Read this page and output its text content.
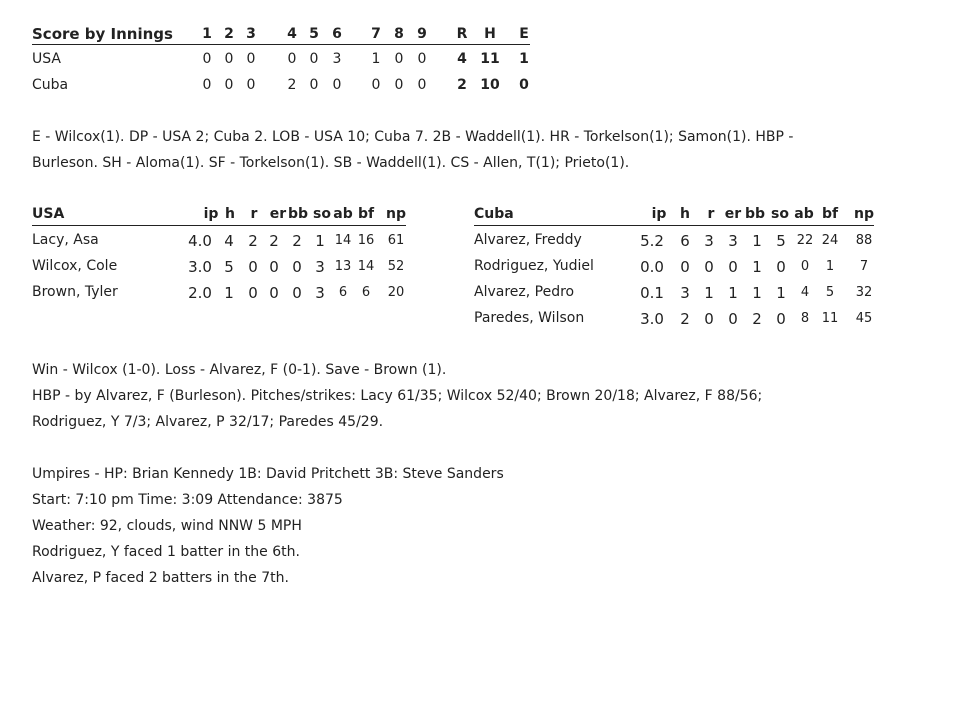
Score by Innings 1 2 3 4 5 6 7 8 9 R	H	E
USA	0 0 0 0 0 3 1 0 0 4 11 1
Cuba	0 0 0 2 0 0 0 0 0 2 10 0
E - Wilcox(1). DP - USA 2; Cuba 2. LOB - USA 10; Cuba 7. 2B - Waddell(1). HR - Torkelson(1); Samon(1). HBP -
Burleson. SH - Aloma(1). SF - Torkelson(1). SB - Waddell(1). CS - Allen, T(1); Prieto(1).
USA	ip h	r er bb so ab bf np
Lacy, Asa	4.0 4 2 2 2 1 14 16 61
Wilcox, Cole	3.0 5 0 0 0 3 13 14 52
Brown, Tyler	2.0 1 0 0 0 3	6	6	20
Cuba	ip h	r er bb so ab bf np
Alvarez, Freddy	5.2 6 3 3 1 5 22 24 88
Rodriguez, Yudiel	0.0 0 0 0 1 0	0	1	7
Alvarez, Pedro	0.1 3 1 1 1 1	4	5	32
Paredes, Wilson	3.0 2 0 0 2 0	8 11 45
Win - Wilcox (1-0). Loss - Alvarez, F (0-1). Save - Brown (1).
HBP - by Alvarez, F (Burleson). Pitches/strikes: Lacy 61/35; Wilcox 52/40; Brown 20/18; Alvarez, F 88/56;
Rodriguez, Y 7/3; Alvarez, P 32/17; Paredes 45/29.
Umpires - HP: Brian Kennedy 1B: David Pritchett 3B: Steve Sanders
Start: 7:10 pm Time: 3:09 Attendance: 3875
Weather: 92, clouds, wind NNW 5 MPH
Rodriguez, Y faced 1 batter in the 6th.
Alvarez, P faced 2 batters in the 7th.
